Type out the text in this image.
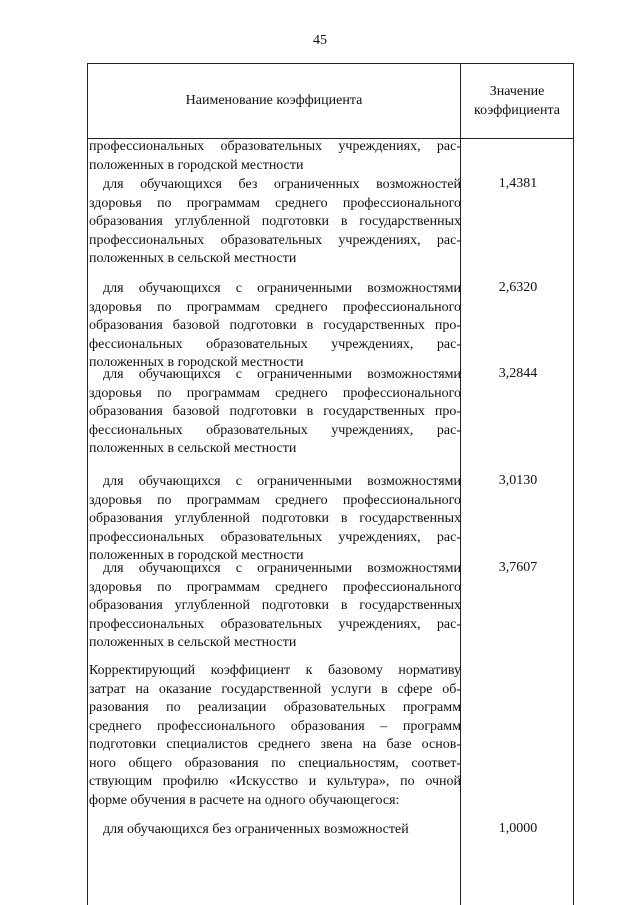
45
Наименование коэффициента
Значение
коэффициента
профессиональных образовательных учреждениях, рас-
положенных в городской местности
для обучающихся без ограниченных возможностей
здоровья по программам среднего профессионального
образования углубленной подготовки в государственных
профессиональных образовательных учреждениях, рас-
положенных в сельской местности
1,4381
для обучающихся с ограниченными возможностями
здоровья по программам среднего профессионального
образования базовой подготовки в государственных про-
фессиональных образовательных учреждениях, рас-
положенных в городской местности
2,6320
для обучающихся с ограниченными возможностями
здоровья по программам среднего профессионального
образования базовой подготовки в государственных про-
фессиональных образовательных учреждениях, рас-
положенных в сельской местности
3,2844
для обучающихся с ограниченными возможностями
здоровья по программам среднего профессионального
образования углубленной подготовки в государственных
профессиональных образовательных учреждениях, рас-
положенных в городской местности
3,0130
для обучающихся с ограниченными возможностями
здоровья по программам среднего профессионального
образования углубленной подготовки в государственных
профессиональных образовательных учреждениях, рас-
положенных в сельской местности
3,7607
Корректирующий коэффициент к базовому нормативу
затрат на оказание государственной услуги в сфере об-
разования по реализации образовательных программ
среднего профессионального образования – программ
подготовки специалистов среднего звена на базе основ-
ного общего образования по специальностям, соответ-
ствующим профилю «Искусство и культура», по очной
форме обучения в расчете на одного обучающегося:
для обучающихся без ограниченных возможностей	1,0000
